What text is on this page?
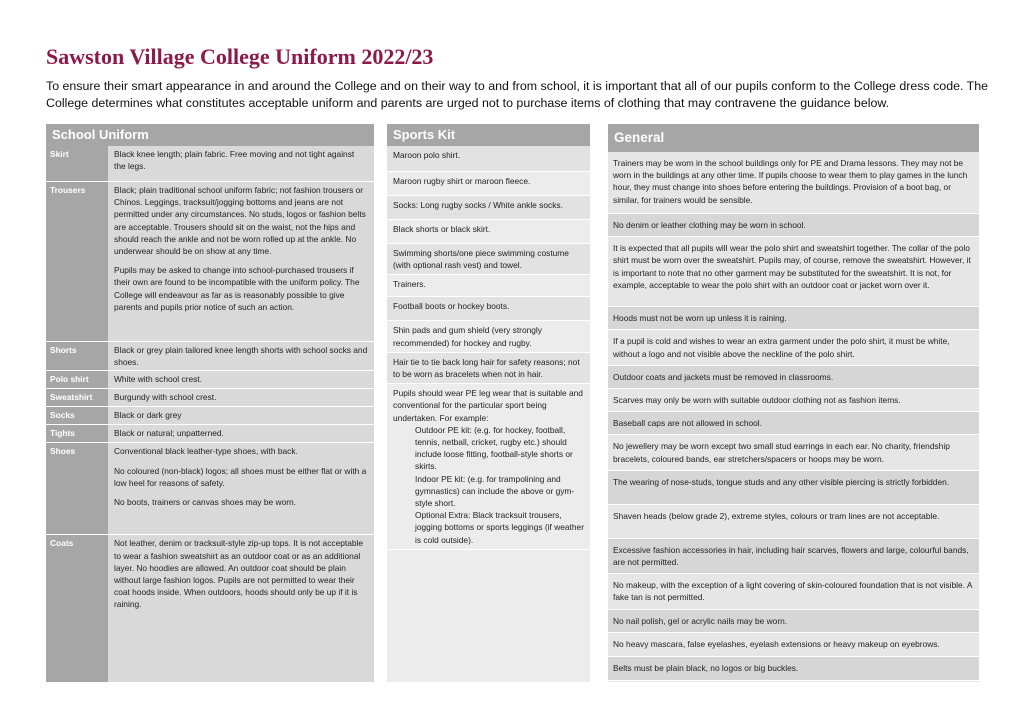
Sawston Village College Uniform 2022/23
To ensure their smart appearance in and around the College and on their way to and from school, it is important that all of our pupils conform to the College dress code. The College determines what constitutes acceptable uniform and parents are urged not to purchase items of clothing that may contravene the guidance below.
School Uniform
Skirt	Black knee length; plain fabric. Free moving and not tight against the legs.

Trousers	Black; plain traditional school uniform fabric; not fashion trousers or Chinos. Leggings, tracksuit/jogging bottoms and jeans are not permitted under any circumstances. No studs, logos or fashion belts are acceptable. Trousers should sit on the waist, not the hips and should reach the ankle and not be worn rolled up at the ankle. No underwear should be on show at any time.

Pupils may be asked to change into school-purchased trousers if their own are found to be incompatible with the uniform policy. The College will endeavour as far as is reasonably possible to give parents and pupils prior notice of such an action.

Shorts	Black or grey plain tailored knee length shorts with school socks and shoes.

Polo shirt	White with school crest.

Sweatshirt	Burgundy with school crest.

Socks	Black or dark grey

Tights	Black or natural; unpatterned.

Shoes	Conventional black leather-type shoes, with back.

No coloured (non-black) logos; all shoes must be either flat or with a low heel for reasons of safety.

No boots, trainers or canvas shoes may be worn.

Coats	Not leather, denim or tracksuit-style zip-up tops. It is not acceptable to wear a fashion sweatshirt as an outdoor coat or as an additional layer. No hoodies are allowed. An outdoor coat should be plain without large fashion logos. Pupils are not permitted to wear their coat hoods inside. When outdoors, hoods should only be up if it is raining.

Sports Kit
Maroon polo shirt.
Maroon rugby shirt or maroon fleece.
Socks: Long rugby socks / White ankle socks.
Black shorts or black skirt.
Swimming shorts/one piece swimming costume (with optional rash vest) and towel.
Trainers.
Football boots or hockey boots.
Shin pads and gum shield (very strongly recommended) for hockey and rugby.
Hair tie to tie back long hair for safety reasons; not to be worn as bracelets when not in hair.

Pupils should wear PE leg wear that is suitable and conventional for the particular sport being undertaken. For example:

Outdoor PE kit: (e.g. for hockey, football, tennis, netball, cricket, rugby etc.) should include loose fitting, football-style shorts or skirts.

Indoor PE kit: (e.g. for trampolining and gymnastics) can include the above or gym-style short.

Optional Extra: Black tracksuit trousers, jogging bottoms or sports leggings (if weather is cold outside).

General
Trainers may be worn in the school buildings only for PE and Drama lessons. They may not be worn in the buildings at any other time. If pupils choose to wear them to play games in the lunch hour, they must change into shoes before entering the buildings. Provision of a boot bag, or similar, for trainers would be sensible.
No denim or leather clothing may be worn in school.
It is expected that all pupils will wear the polo shirt and sweatshirt together. The collar of the polo shirt must be worn over the sweatshirt. Pupils may, of course, remove the sweatshirt. However, it is important to note that no other garment may be substituted for the sweatshirt. It is not, for example, acceptable to wear the polo shirt with an outdoor coat or jacket worn over it.
Hoods must not be worn up unless it is raining.
If a pupil is cold and wishes to wear an extra garment under the polo shirt, it must be white, without a logo and not visible above the neckline of the polo shirt.
Outdoor coats and jackets must be removed in classrooms.
Scarves may only be worn with suitable outdoor clothing not as fashion items.
Baseball caps are not allowed in school.
No jewellery may be worn except two small stud earrings in each ear. No charity, friendship bracelets, coloured bands, ear stretchers/spacers or hoops may be worn.
The wearing of nose-studs, tongue studs and any other visible piercing is strictly forbidden.
Shaven heads (below grade 2), extreme styles, colours or tram lines are not acceptable.
Excessive fashion accessories in hair, including hair scarves, flowers and large, colourful bands, are not permitted.
No makeup, with the exception of a light covering of skin-coloured foundation that is not visible. A fake tan is not permitted.
No nail polish, gel or acrylic nails may be worn.
No heavy mascara, false eyelashes, eyelash extensions or heavy makeup on eyebrows.
Belts must be plain black, no logos or big buckles.
